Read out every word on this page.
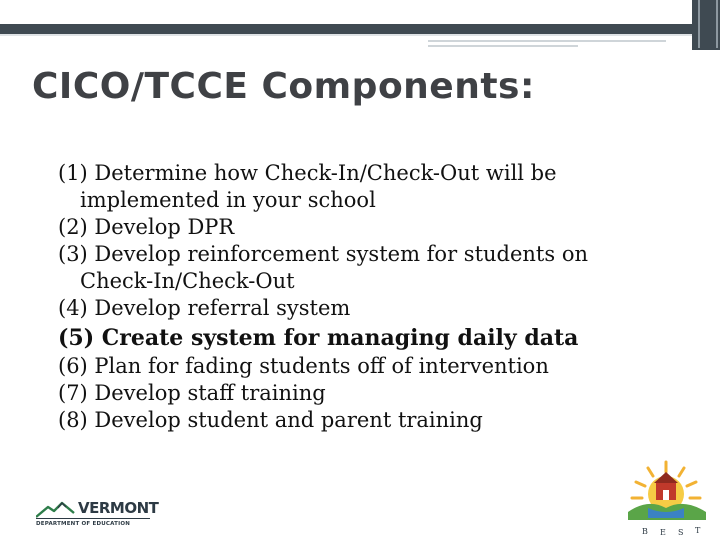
CICO/TCCE Components:
(1) Determine how Check-In/Check-Out will be implemented in your school
(2) Develop DPR
(3) Develop reinforcement system for students on Check-In/Check-Out
(4) Develop referral system
(5) Create system for managing daily data
(6) Plan for fading students off of intervention
(7) Develop staff training
(8) Develop student and parent training
VERMONT
DEPARTMENT OF EDUCATION
B E S T
